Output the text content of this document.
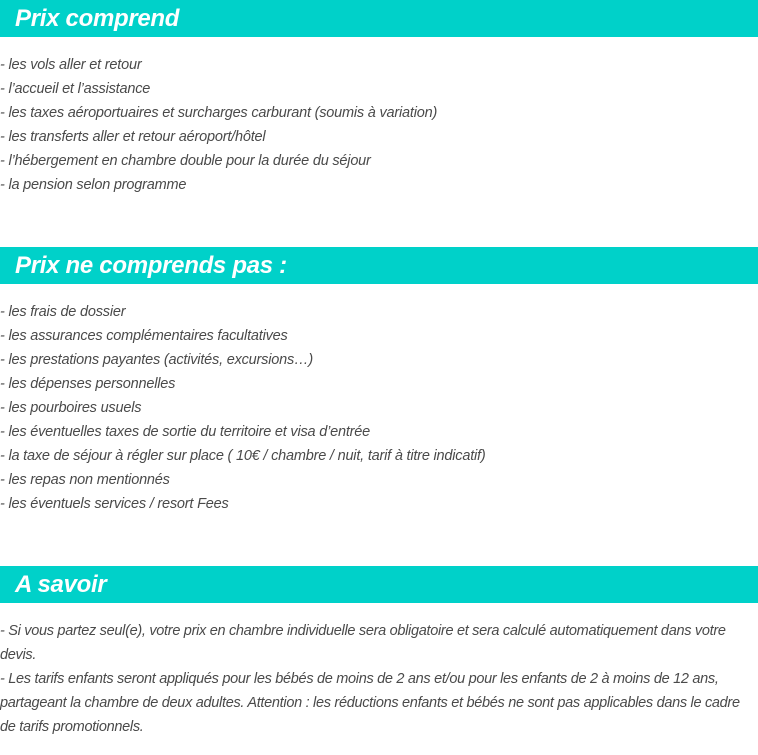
Prix comprend
- les vols aller et retour
- l’accueil et l’assistance
- les taxes aéroportuaires et surcharges carburant (soumis à variation)
- les transferts aller et retour aéroport/hôtel
- l’hébergement en chambre double pour la durée du séjour
- la pension selon programme
Prix ne comprends pas :
- les frais de dossier
- les assurances complémentaires facultatives
- les prestations payantes (activités, excursions…)
- les dépenses personnelles
- les pourboires usuels
- les éventuelles taxes de sortie du territoire et visa d’entrée
- la taxe de séjour à régler sur place ( 10€ / chambre / nuit, tarif à titre indicatif)
- les repas non mentionnés
- les éventuels services / resort Fees
A savoir

- Si vous partez seul(e), votre prix en chambre individuelle sera obligatoire et sera calculé automatiquement dans votre devis.

- Les tarifs enfants seront appliqués pour les bébés de moins de 2 ans et/ou pour les enfants de 2 à moins de 12 ans, partageant la chambre de deux adultes. Attention : les réductions enfants et bébés ne sont pas applicables dans le cadre de tarifs promotionnels.
